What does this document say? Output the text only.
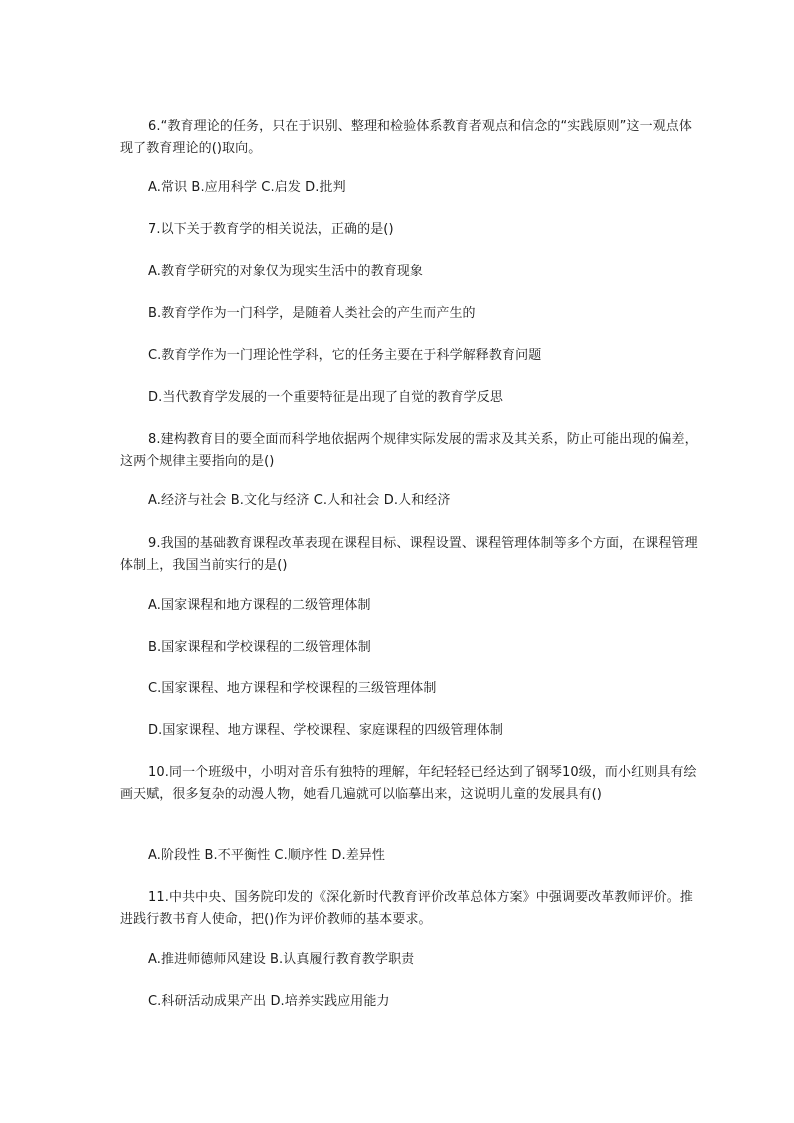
6.“教育理论的任务，只在于识别、整理和检验体系教育者观点和信念的“实践原则”这一观点体现了教育理论的()取向。

A.常识 B.应用科学 C.启发 D.批判

7.以下关于教育学的相关说法，正确的是()

A.教育学研究的对象仅为现实生活中的教育现象

B.教育学作为一门科学，是随着人类社会的产生而产生的

C.教育学作为一门理论性学科，它的任务主要在于科学解释教育问题

D.当代教育学发展的一个重要特征是出现了自觉的教育学反思

8.建构教育目的要全面而科学地依据两个规律实际发展的需求及其关系，防止可能出现的偏差，这两个规律主要指向的是()

A.经济与社会 B.文化与经济 C.人和社会 D.人和经济

9.我国的基础教育课程改革表现在课程目标、课程设置、课程管理体制等多个方面，在课程管理体制上，我国当前实行的是()

A.国家课程和地方课程的二级管理体制

B.国家课程和学校课程的二级管理体制

C.国家课程、地方课程和学校课程的三级管理体制

D.国家课程、地方课程、学校课程、家庭课程的四级管理体制

10.同一个班级中，小明对音乐有独特的理解，年纪轻轻已经达到了钢琴10级，而小红则具有绘画天赋，很多复杂的动漫人物，她看几遍就可以临摹出来，这说明儿童的发展具有()

A.阶段性 B.不平衡性 C.顺序性 D.差异性

11.中共中央、国务院印发的《深化新时代教育评价改革总体方案》中强调要改革教师评价。推进践行教书育人使命，把()作为评价教师的基本要求。

A.推进师德师风建设 B.认真履行教育教学职责

C.科研活动成果产出 D.培养实践应用能力
